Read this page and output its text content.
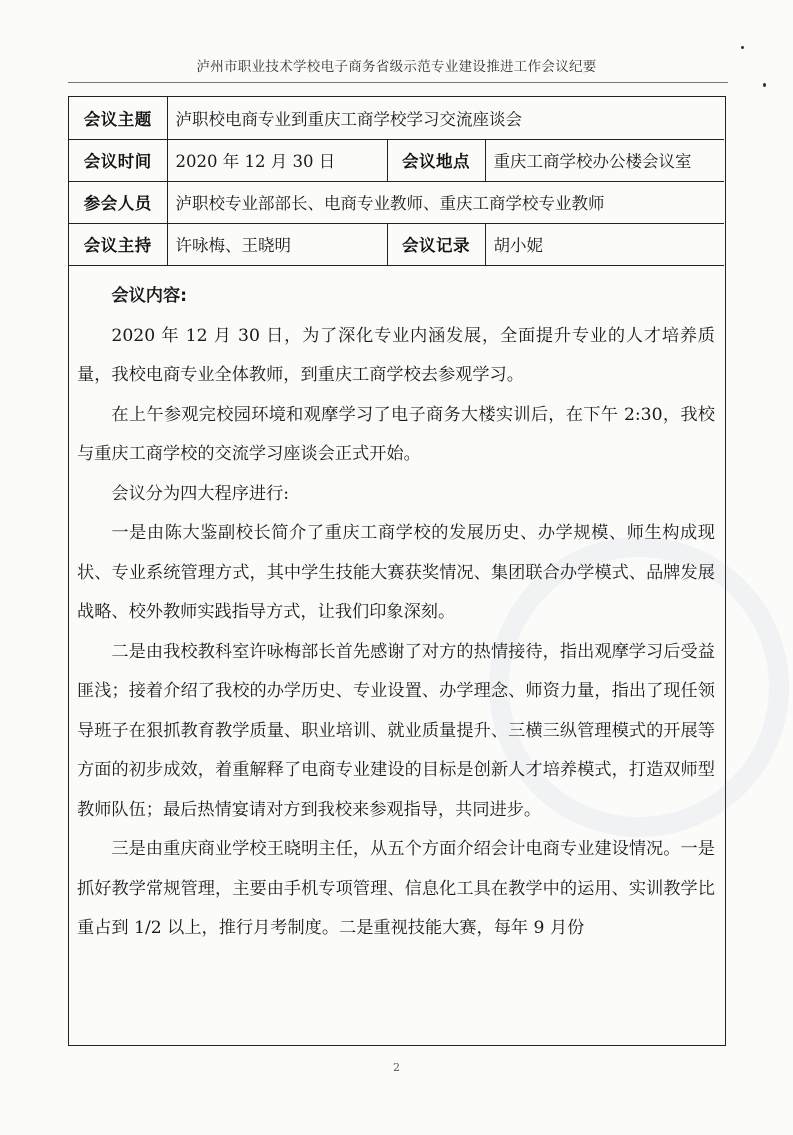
泸州市职业技术学校电子商务省级示范专业建设推进工作会议纪要
会议主题	泸职校电商专业到重庆工商学校学习交流座谈会		
会议时间	2020 年 12 月 30 日	会议地点	重庆工商学校办公楼会议室
参会人员	泸职校专业部部长、电商专业教师、重庆工商学校专业教师		
会议主持	许咏梅、王晓明	会议记录	胡小妮

会议内容:

2020 年 12 月 30 日，为了深化专业内涵发展，全面提升专业的人才培养质量，我校电商专业全体教师，到重庆工商学校去参观学习。

在上午参观完校园环境和观摩学习了电子商务大楼实训后，在下午 2:30，我校与重庆工商学校的交流学习座谈会正式开始。

会议分为四大程序进行:

一是由陈大鉴副校长简介了重庆工商学校的发展历史、办学规模、师生构成现状、专业系统管理方式，其中学生技能大赛获奖情况、集团联合办学模式、品牌发展战略、校外教师实践指导方式，让我们印象深刻。

二是由我校教科室许咏梅部长首先感谢了对方的热情接待，指出观摩学习后受益匪浅；接着介绍了我校的办学历史、专业设置、办学理念、师资力量，指出了现任领导班子在狠抓教育教学质量、职业培训、就业质量提升、三横三纵管理模式的开展等方面的初步成效，着重解释了电商专业建设的目标是创新人才培养模式，打造双师型教师队伍；最后热情宴请对方到我校来参观指导，共同进步。

三是由重庆商业学校王晓明主任，从五个方面介绍会计电商专业建设情况。一是抓好教学常规管理，主要由手机专项管理、信息化工具在教学中的运用、实训教学比重占到 1/2 以上，推行月考制度。二是重视技能大赛，每年 9 月份

2
